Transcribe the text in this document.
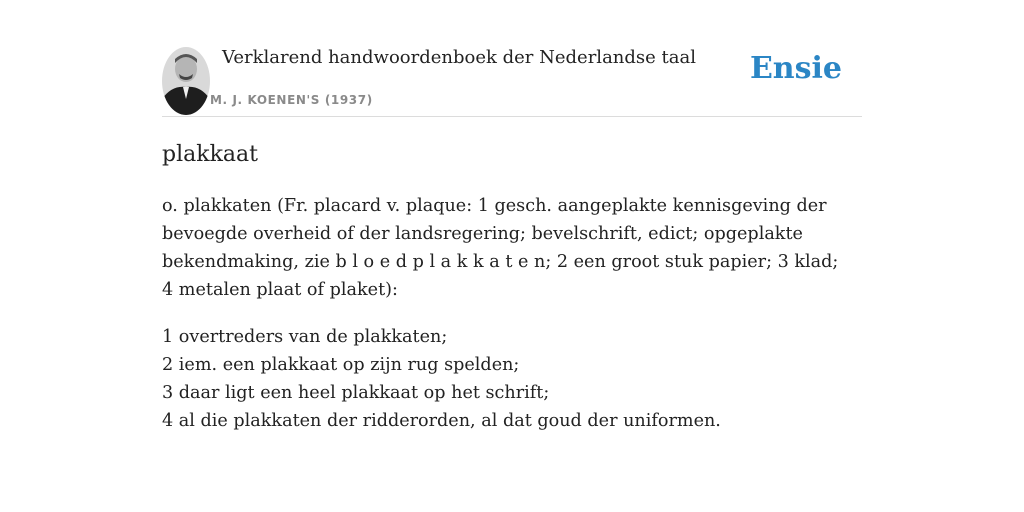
Verklarend handwoordenboek der Nederlandse taal
M. J. KOENEN'S (1937)
Ensie
plakkaat

o. plakkaten (Fr. placard v. plaque: 1 gesch. aangeplakte kennisgeving der bevoegde overheid of der landsregering; bevelschrift, edict; opgeplakte bekendmaking, zie b l o e d p l a k k a t e n; 2 een groot stuk papier; 3 klad; 4 metalen plaat of plaket):

1 overtreders van de plakkaten;
2 iem. een plakkaat op zijn rug spelden;
3 daar ligt een heel plakkaat op het schrift;
4 al die plakkaten der ridderorden, al dat goud der uniformen.
